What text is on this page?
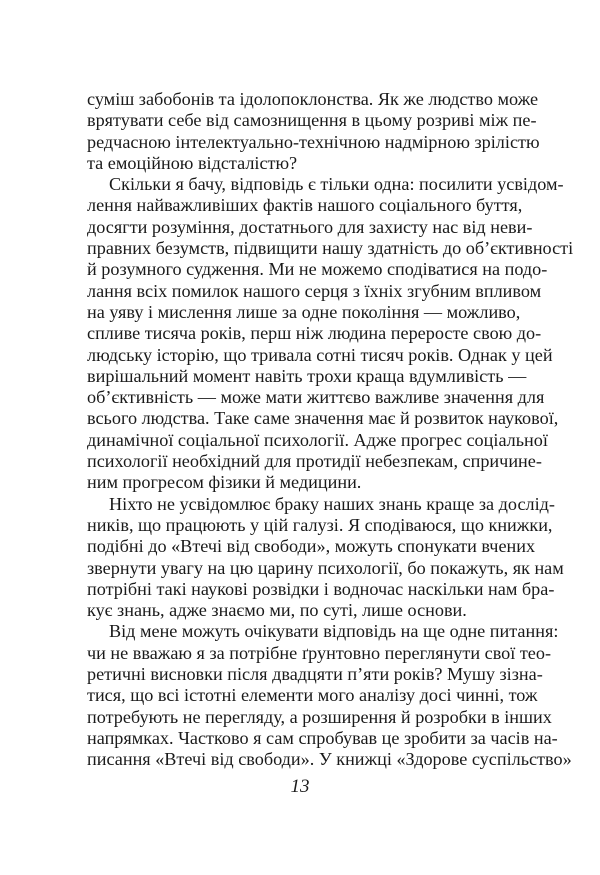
суміш забобонів та ідолопоклонства. Як же людство може
врятувати себе від самознищення в цьому розриві між пе-
редчасною інтелектуально-технічною надмірною зрілістю
та емоційною відсталістю?
Скільки я бачу, відповідь є тільки одна: посилити усвідом-
лення найважливіших фактів нашого соціального буття,
досягти розуміння, достатнього для захисту нас від неви-
правних безумств, підвищити нашу здатність до об’єктивності
й розумного судження. Ми не можемо сподіватися на подо-
лання всіх помилок нашого серця з їхніх згубним впливом
на уяву і мислення лише за одне покоління — можливо,
спливе тисяча років, перш ніж людина переросте свою до-
людську історію, що тривала сотні тисяч років. Однак у цей
вирішальний момент навіть трохи краща вдумливість —
об’єктивність — може мати життєво важливе значення для
всього людства. Таке саме значення має й розвиток наукової,
динамічної соціальної психології. Адже прогрес соціальної
психології необхідний для протидії небезпекам, спричине-
ним прогресом фізики й медицини.
Ніхто не усвідомлює браку наших знань краще за дослід-
ників, що працюють у цій галузі. Я сподіваюся, що книжки,
подібні до «Втечі від свободи», можуть спонукати вчених
звернути увагу на цю царину психології, бо покажуть, як нам
потрібні такі наукові розвідки і водночас наскільки нам бра-
кує знань, адже знаємо ми, по суті, лише основи.
Від мене можуть очікувати відповідь на ще одне питання:
чи не вважаю я за потрібне ґрунтовно переглянути свої тео-
ретичні висновки після двадцяти п’яти років? Мушу зізна-
тися, що всі істотні елементи мого аналізу досі чинні, тож
потребують не перегляду, а розширення й розробки в інших
напрямках. Частково я сам спробував це зробити за часів на-
писання «Втечі від свободи». У книжці «Здорове суспільство»
13
